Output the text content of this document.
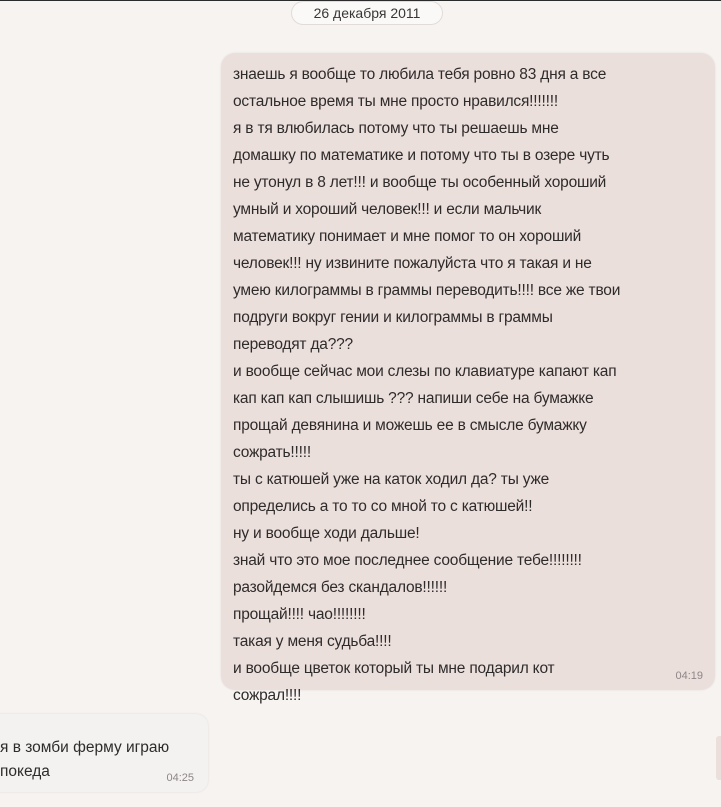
26 декабря 2011
знаешь я вообще то любила тебя ровно 83 дня а все
остальное время ты мне просто нравился!!!!!!!
я в тя влюбилась потому что ты решаешь мне
домашку по математике и потому что ты в озере чуть
не утонул в 8 лет!!! и вообще ты особенный хороший
умный и хороший человек!!! и если мальчик
математику понимает и мне помог то он хороший
человек!!! ну извините пожалуйста что я такая и не
умею килограммы в граммы переводить!!!! все же твои
подруги вокруг гении и килограммы в граммы
переводят да???
и вообще сейчас мои слезы по клавиатуре капают кап
кап кап кап слышишь ??? напиши себе на бумажке
прощай девянина и можешь ее в смысле бумажку
сожрать!!!!!
ты с катюшей уже на каток ходил да? ты уже
определись а то то со мной то с катюшей!!
ну и вообще ходи дальше!
знай что это мое последнее сообщение тебе!!!!!!!!
разойдемся без скандалов!!!!!!
прощай!!!! чао!!!!!!!!
такая у меня судьба!!!!
и вообще цветок который ты мне подарил кот
сожрал!!!!
04:19
я в зомби ферму играю
покеда	04:25
